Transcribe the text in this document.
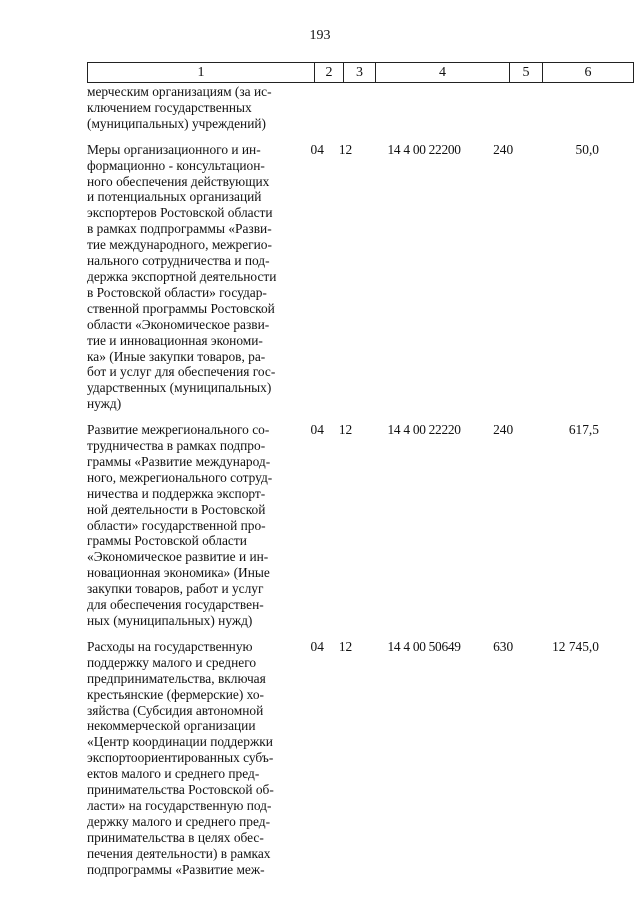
193
1	2	3	4	5	6
мерческим организациям (за ис-
ключением государственных
(муниципальных) учреждений)
Меры организационного и ин-
формационно - консультацион-
ного обеспечения действующих
и потенциальных организаций
экспортеров Ростовской области
в рамках подпрограммы «Разви-
тие международного, межрегио-
нального сотрудничества и под-
держка экспортной деятельности
в Ростовской области» государ-
ственной программы Ростовской
области «Экономическое разви-
тие и инновационная экономи-
ка» (Иные закупки товаров, ра-
бот и услуг для обеспечения гос-
ударственных (муниципальных)
нужд)
04	12	14 4 00 22200	240	50,0
Развитие межрегионального со-
трудничества в рамках подпро-
граммы «Развитие международ-
ного, межрегионального сотруд-
ничества и поддержка экспорт-
ной дeятельности в Ростовской
области» государственной про-
граммы Ростовской области
«Экономическое развитие и ин-
новационная экономика» (Иные
закупки товаров, работ и услуг
для обеспечения государствен-
ных (муниципальных) нужд)
04	12	14 4 00 22220	240	617,5
Расходы на государственную
поддержку малого и среднего
предпринимательства, включая
крестьянские (фермерские) хо-
зяйства (Субсидия автономной
некоммерческой организации
«Центр координации поддержки
экспортоориентированных субъ-
ектов малого и среднего пред-
принимательства Ростовской об-
ласти» на государственную под-
держку малого и среднего пред-
принимательства в целях обес-
печения деятельности) в рамках
подпрограммы «Развитие меж-
04	12	14 4 00 50649	630	12 745,0
